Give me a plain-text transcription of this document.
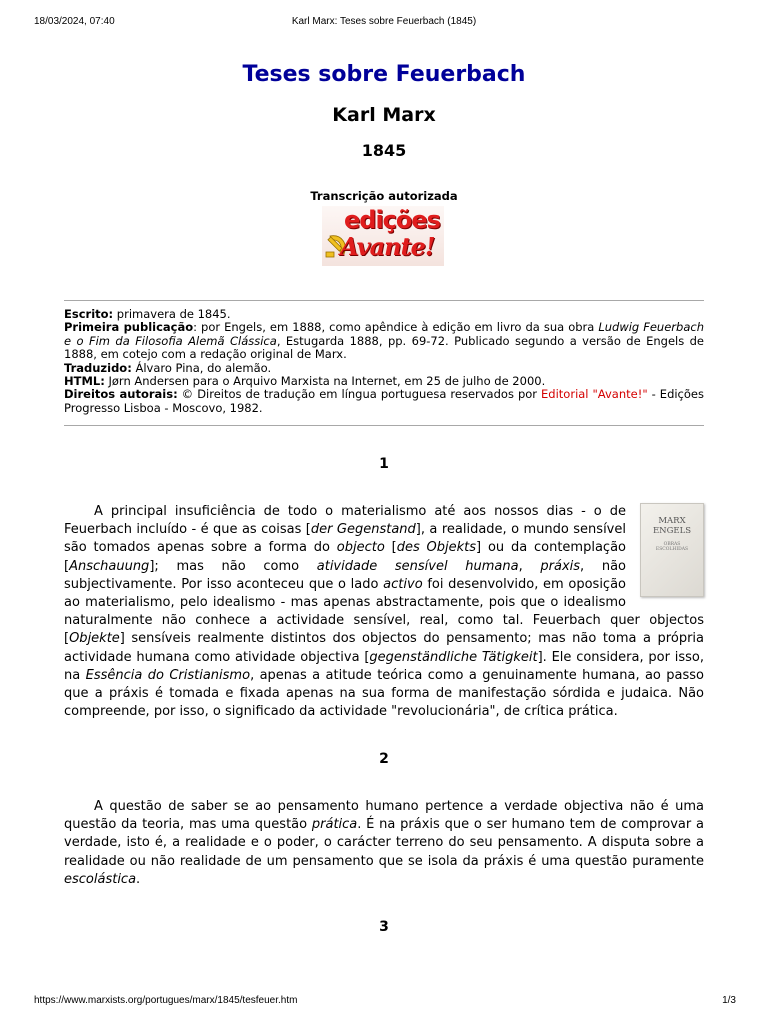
18/03/2024, 07:40	Karl Marx: Teses sobre Feuerbach (1845)
Teses sobre Feuerbach
Karl Marx
1845
Transcrição autorizada
edições
Avante!

Escrito: primavera de 1845.

Primeira publicação: por Engels, em 1888, como apêndice à edição em livro da sua obra Ludwig Feuerbach e o Fim da Filosofia Alemã Clássica, Estugarda 1888, pp. 69-72. Publicado segundo a versão de Engels de 1888, em cotejo com a redação original de Marx.

Traduzido: Álvaro Pina, do alemão.

HTML: Jørn Andersen para o Arquivo Marxista na Internet, em 25 de julho de 2000.

Direitos autorais: © Direitos de tradução em língua portuguesa reservados por Editorial "Avante!" - Edições Progresso Lisboa - Moscovo, 1982.

1

MARX
ENGELS
OBRAS
ESCOLHIDAS
A principal insuficiência de todo o materialismo até aos nossos dias - o de Feuerbach incluído - é que as coisas [der Gegenstand], a realidade, o mundo sensível são tomados apenas sobre a forma do objecto [des Objekts] ou da contemplação [Anschauung]; mas não como atividade sensível humana, práxis, não subjectivamente. Por isso aconteceu que o lado activo foi desenvolvido, em oposição ao materialismo, pelo idealismo - mas apenas abstractamente, pois que o idealismo naturalmente não conhece a actividade sensível, real, como tal. Feuerbach quer objectos [Objekte] sensíveis realmente distintos dos objectos do pensamento; mas não toma a própria actividade humana como atividade objectiva [gegenständliche Tätigkeit]. Ele considera, por isso, na Essência do Cristianismo, apenas a atitude teórica como a genuinamente humana, ao passo que a práxis é tomada e fixada apenas na sua forma de manifestação sórdida e judaica. Não compreende, por isso, o significado da actividade "revolucionária", de crítica prática.

2

A questão de saber se ao pensamento humano pertence a verdade objectiva não é uma questão da teoria, mas uma questão prática. É na práxis que o ser humano tem de comprovar a verdade, isto é, a realidade e o poder, o carácter terreno do seu pensamento. A disputa sobre a realidade ou não realidade de um pensamento que se isola da práxis é uma questão puramente escolástica.

3
https://www.marxists.org/portugues/marx/1845/tesfeuer.htm	1/3
